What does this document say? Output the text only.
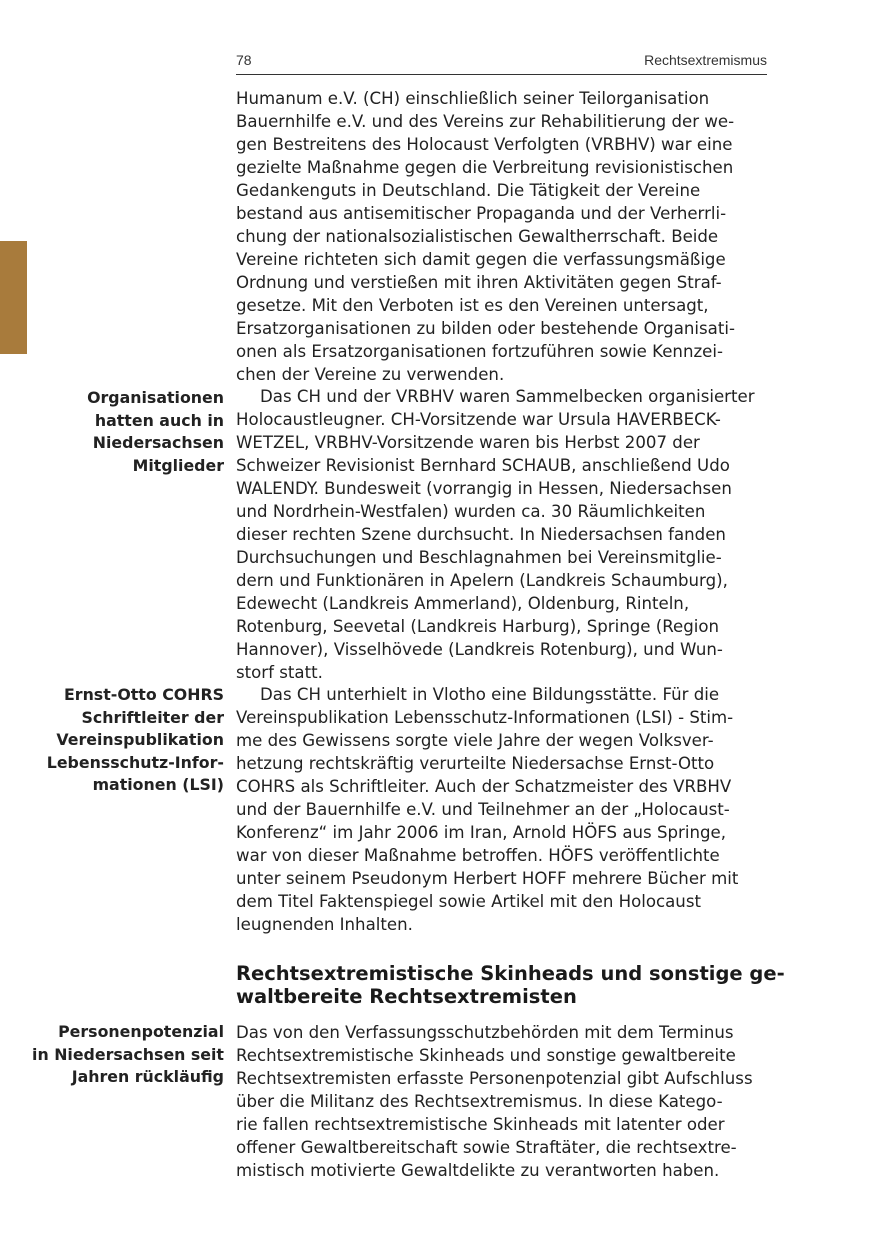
78	Rechtsextremismus

Humanum e.V. (CH) einschließlich seiner Teilorganisation
Bauernhilfe e.V. und des Vereins zur Rehabilitierung der we-
gen Bestreitens des Holocaust Verfolgten (VRBHV) war eine
gezielte Maßnahme gegen die Verbreitung revisionistischen
Gedankenguts in Deutschland. Die Tätigkeit der Vereine
bestand aus antisemitischer Propaganda und der Verherrli-
chung der nationalsozialistischen Gewaltherrschaft. Beide
Vereine richteten sich damit gegen die verfassungsmäßige
Ordnung und verstießen mit ihren Aktivitäten gegen Straf-
gesetze. Mit den Verboten ist es den Vereinen untersagt,
Ersatzorganisationen zu bilden oder bestehende Organisati-
onen als Ersatzorganisationen fortzuführen sowie Kennzei-
chen der Vereine zu verwenden.

Organisationen
hatten auch in
Niedersachsen
Mitglieder

Das CH und der VRBHV waren Sammelbecken organisierter
Holocaustleugner. CH-Vorsitzende war Ursula HAVERBECK-
WETZEL, VRBHV-Vorsitzende waren bis Herbst 2007 der
Schweizer Revisionist Bernhard SCHAUB, anschließend Udo
WALENDY. Bundesweit (vorrangig in Hessen, Niedersachsen
und Nordrhein-Westfalen) wurden ca. 30 Räumlichkeiten
dieser rechten Szene durchsucht. In Niedersachsen fanden
Durchsuchungen und Beschlagnahmen bei Vereinsmitglie-
dern und Funktionären in Apelern (Landkreis Schaumburg),
Edewecht (Landkreis Ammerland), Oldenburg, Rinteln,
Rotenburg, Seevetal (Landkreis Harburg), Springe (Region
Hannover), Visselhövede (Landkreis Rotenburg), und Wun-
storf statt.

Ernst-Otto COHRS
Schriftleiter der
Vereinspublikation
Lebensschutz-Infor-
mationen (LSI)

Das CH unterhielt in Vlotho eine Bildungsstätte. Für die
Vereinspublikation Lebensschutz-Informationen (LSI) - Stim-
me des Gewissens sorgte viele Jahre der wegen Volksver-
hetzung rechtskräftig verurteilte Niedersachse Ernst-Otto
COHRS als Schriftleiter. Auch der Schatzmeister des VRBHV
und der Bauernhilfe e.V. und Teilnehmer an der „Holocaust-
Konferenz“ im Jahr 2006 im Iran, Arnold HÖFS aus Springe,
war von dieser Maßnahme betroffen. HÖFS veröffentlichte
unter seinem Pseudonym Herbert HOFF mehrere Bücher mit
dem Titel Faktenspiegel sowie Artikel mit den Holocaust
leugnenden Inhalten.

Rechtsextremistische Skinheads und sonstige ge-
waltbereite Rechtsextremisten

Personenpotenzial
in Niedersachsen seit
Jahren rückläufig

Das von den Verfassungsschutzbehörden mit dem Terminus
Rechtsextremistische Skinheads und sonstige gewaltbereite
Rechtsextremisten erfasste Personenpotenzial gibt Aufschluss
über die Militanz des Rechtsextremismus. In diese Katego-
rie fallen rechtsextremistische Skinheads mit latenter oder
offener Gewaltbereitschaft sowie Straftäter, die rechtsextre-
mistisch motivierte Gewaltdelikte zu verantworten haben.
